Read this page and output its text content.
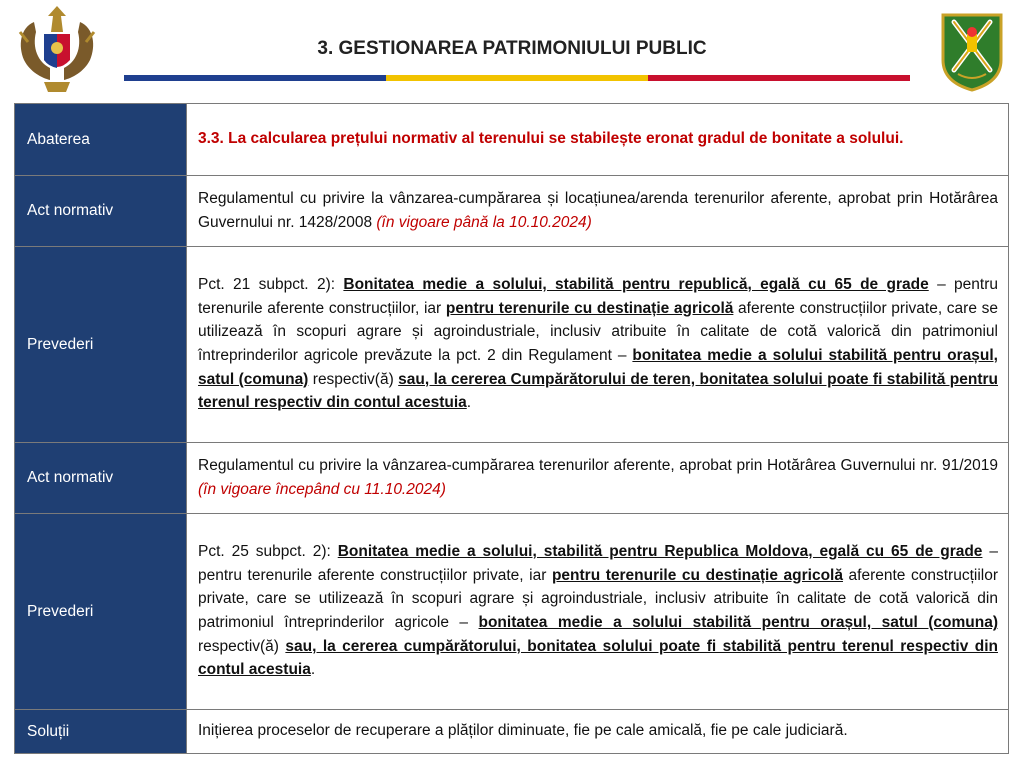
3. GESTIONAREA PATRIMONIULUI PUBLIC
Abaterea	3.3. La calcularea prețului normativ al terenului se stabilește eronat gradul de bonitate a solului.

Act normativ	Regulamentul cu privire la vânzarea-cumpărarea și locațiunea/arenda terenurilor aferente, aprobat prin Hotărârea Guvernului nr. 1428/2008 (în vigoare până la 10.10.2024)

Prevederi	Pct. 21 subpct. 2): Bonitatea medie a solului, stabilită pentru republică, egală cu 65 de grade – pentru terenurile aferente construcțiilor, iar pentru terenurile cu destinație agricolă aferente construcțiilor private, care se utilizează în scopuri agrare și agroindustriale, inclusiv atribuite în calitate de cotă valorică din patrimoniul întreprinderilor agricole prevăzute la pct. 2 din Regulament – bonitatea medie a solului stabilită pentru orașul, satul (comuna) respectiv(ă) sau, la cererea Cumpărătorului de teren, bonitatea solului poate fi stabilită pentru terenul respectiv din contul acestuia.

Act normativ	Regulamentul cu privire la vânzarea-cumpărarea terenurilor aferente, aprobat prin Hotărârea Guvernului nr. 91/2019 (în vigoare începând cu 11.10.2024)

Prevederi	Pct. 25 subpct. 2): Bonitatea medie a solului, stabilită pentru Republica Moldova, egală cu 65 de grade – pentru terenurile aferente construcțiilor private, iar pentru terenurile cu destinație agricolă aferente construcțiilor private, care se utilizează în scopuri agrare și agroindustriale, inclusiv atribuite în calitate de cotă valorică din patrimoniul întreprinderilor agricole – bonitatea medie a solului stabilită pentru orașul, satul (comuna) respectiv(ă) sau, la cererea cumpărătorului, bonitatea solului poate fi stabilită pentru terenul respectiv din contul acestuia.

Soluții	Inițierea proceselor de recuperare a plăților diminuate, fie pe cale amicală, fie pe cale judiciară.
